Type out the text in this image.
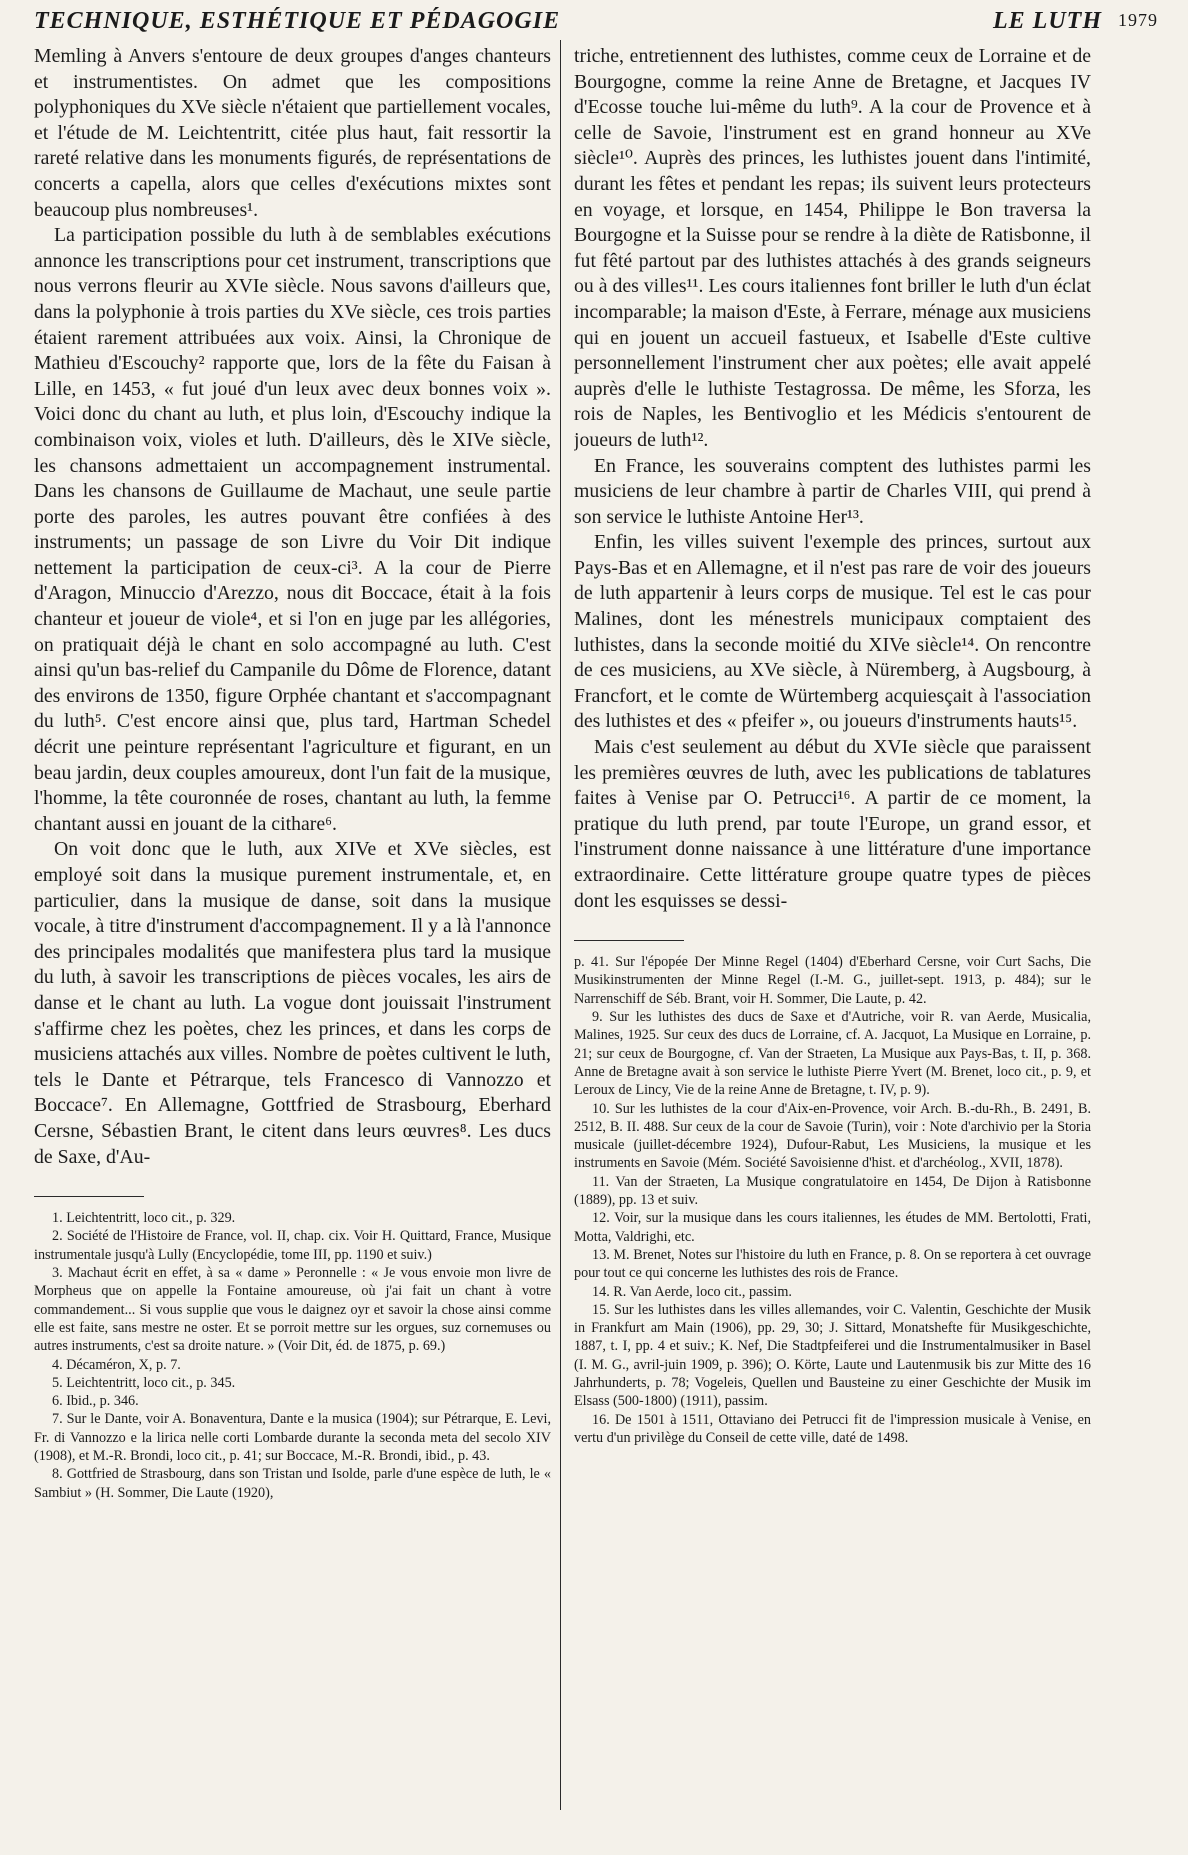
TECHNIQUE, ESTHÉTIQUE ET PÉDAGOGIE	LE LUTH 1979

Memling à Anvers s'entoure de deux groupes d'anges chanteurs et instrumentistes. On admet que les compositions polyphoniques du XVe siècle n'étaient que partiellement vocales, et l'étude de M. Leichtentritt, citée plus haut, fait ressortir la rareté relative dans les monuments figurés, de représentations de concerts a capella, alors que celles d'exécutions mixtes sont beaucoup plus nombreuses¹.

La participation possible du luth à de semblables exécutions annonce les transcriptions pour cet instrument, transcriptions que nous verrons fleurir au XVIe siècle. Nous savons d'ailleurs que, dans la polyphonie à trois parties du XVe siècle, ces trois parties étaient rarement attribuées aux voix. Ainsi, la Chronique de Mathieu d'Escouchy² rapporte que, lors de la fête du Faisan à Lille, en 1453, « fut joué d'un leux avec deux bonnes voix ». Voici donc du chant au luth, et plus loin, d'Escouchy indique la combinaison voix, violes et luth. D'ailleurs, dès le XIVe siècle, les chansons admettaient un accompagnement instrumental. Dans les chansons de Guillaume de Machaut, une seule partie porte des paroles, les autres pouvant être confiées à des instruments; un passage de son Livre du Voir Dit indique nettement la participation de ceux-ci³. A la cour de Pierre d'Aragon, Minuccio d'Arezzo, nous dit Boccace, était à la fois chanteur et joueur de viole⁴, et si l'on en juge par les allégories, on pratiquait déjà le chant en solo accompagné au luth. C'est ainsi qu'un bas-relief du Campanile du Dôme de Florence, datant des environs de 1350, figure Orphée chantant et s'accompagnant du luth⁵. C'est encore ainsi que, plus tard, Hartman Schedel décrit une peinture représentant l'agriculture et figurant, en un beau jardin, deux couples amoureux, dont l'un fait de la musique, l'homme, la tête couronnée de roses, chantant au luth, la femme chantant aussi en jouant de la cithare⁶.

On voit donc que le luth, aux XIVe et XVe siècles, est employé soit dans la musique purement instrumentale, et, en particulier, dans la musique de danse, soit dans la musique vocale, à titre d'instrument d'accompagnement. Il y a là l'annonce des principales modalités que manifestera plus tard la musique du luth, à savoir les transcriptions de pièces vocales, les airs de danse et le chant au luth. La vogue dont jouissait l'instrument s'affirme chez les poètes, chez les princes, et dans les corps de musiciens attachés aux villes. Nombre de poètes cultivent le luth, tels le Dante et Pétrarque, tels Francesco di Vannozzo et Boccace⁷. En Allemagne, Gottfried de Strasbourg, Eberhard Cersne, Sébastien Brant, le citent dans leurs œuvres⁸. Les ducs de Saxe, d'Au-

1. Leichtentritt, loco cit., p. 329.

2. Société de l'Histoire de France, vol. II, chap. cix. Voir H. Quittard, France, Musique instrumentale jusqu'à Lully (Encyclopédie, tome III, pp. 1190 et suiv.)

3. Machaut écrit en effet, à sa « dame » Peronnelle : « Je vous envoie mon livre de Morpheus que on appelle la Fontaine amoureuse, où j'ai fait un chant à votre commandement... Si vous supplie que vous le daignez oyr et savoir la chose ainsi comme elle est faite, sans mestre ne oster. Et se porroit mettre sur les orgues, suz cornemuses ou autres instruments, c'est sa droite nature. » (Voir Dit, éd. de 1875, p. 69.)

4. Décaméron, X, p. 7.

5. Leichtentritt, loco cit., p. 345.

6. Ibid., p. 346.

7. Sur le Dante, voir A. Bonaventura, Dante e la musica (1904); sur Pétrarque, E. Levi, Fr. di Vannozzo e la lirica nelle corti Lombarde durante la seconda meta del secolo XIV (1908), et M.-R. Brondi, loco cit., p. 41; sur Boccace, M.-R. Brondi, ibid., p. 43.

8. Gottfried de Strasbourg, dans son Tristan und Isolde, parle d'une espèce de luth, le « Sambiut » (H. Sommer, Die Laute (1920),

triche, entretiennent des luthistes, comme ceux de Lorraine et de Bourgogne, comme la reine Anne de Bretagne, et Jacques IV d'Ecosse touche lui-même du luth⁹. A la cour de Provence et à celle de Savoie, l'instrument est en grand honneur au XVe siècle¹⁰. Auprès des princes, les luthistes jouent dans l'intimité, durant les fêtes et pendant les repas; ils suivent leurs protecteurs en voyage, et lorsque, en 1454, Philippe le Bon traversa la Bourgogne et la Suisse pour se rendre à la diète de Ratisbonne, il fut fêté partout par des luthistes attachés à des grands seigneurs ou à des villes¹¹. Les cours italiennes font briller le luth d'un éclat incomparable; la maison d'Este, à Ferrare, ménage aux musiciens qui en jouent un accueil fastueux, et Isabelle d'Este cultive personnellement l'instrument cher aux poètes; elle avait appelé auprès d'elle le luthiste Testagrossa. De même, les Sforza, les rois de Naples, les Bentivoglio et les Médicis s'entourent de joueurs de luth¹².

En France, les souverains comptent des luthistes parmi les musiciens de leur chambre à partir de Charles VIII, qui prend à son service le luthiste Antoine Her¹³.

Enfin, les villes suivent l'exemple des princes, surtout aux Pays-Bas et en Allemagne, et il n'est pas rare de voir des joueurs de luth appartenir à leurs corps de musique. Tel est le cas pour Malines, dont les ménestrels municipaux comptaient des luthistes, dans la seconde moitié du XIVe siècle¹⁴. On rencontre de ces musiciens, au XVe siècle, à Nüremberg, à Augsbourg, à Francfort, et le comte de Würtemberg acquiesçait à l'association des luthistes et des « pfeifer », ou joueurs d'instruments hauts¹⁵.

Mais c'est seulement au début du XVIe siècle que paraissent les premières œuvres de luth, avec les publications de tablatures faites à Venise par O. Petrucci¹⁶. A partir de ce moment, la pratique du luth prend, par toute l'Europe, un grand essor, et l'instrument donne naissance à une littérature d'une importance extraordinaire. Cette littérature groupe quatre types de pièces dont les esquisses se dessi-

p. 41. Sur l'épopée Der Minne Regel (1404) d'Eberhard Cersne, voir Curt Sachs, Die Musikinstrumenten der Minne Regel (I.-M. G., juillet-sept. 1913, p. 484); sur le Narrenschiff de Séb. Brant, voir H. Sommer, Die Laute, p. 42.

9. Sur les luthistes des ducs de Saxe et d'Autriche, voir R. van Aerde, Musicalia, Malines, 1925. Sur ceux des ducs de Lorraine, cf. A. Jacquot, La Musique en Lorraine, p. 21; sur ceux de Bourgogne, cf. Van der Straeten, La Musique aux Pays-Bas, t. II, p. 368. Anne de Bretagne avait à son service le luthiste Pierre Yvert (M. Brenet, loco cit., p. 9, et Leroux de Lincy, Vie de la reine Anne de Bretagne, t. IV, p. 9).

10. Sur les luthistes de la cour d'Aix-en-Provence, voir Arch. B.-du-Rh., B. 2491, B. 2512, B. II. 488. Sur ceux de la cour de Savoie (Turin), voir : Note d'archivio per la Storia musicale (juillet-décembre 1924), Dufour-Rabut, Les Musiciens, la musique et les instruments en Savoie (Mém. Société Savoisienne d'hist. et d'archéolog., XVII, 1878).

11. Van der Straeten, La Musique congratulatoire en 1454, De Dijon à Ratisbonne (1889), pp. 13 et suiv.

12. Voir, sur la musique dans les cours italiennes, les études de MM. Bertolotti, Frati, Motta, Valdrighi, etc.

13. M. Brenet, Notes sur l'histoire du luth en France, p. 8. On se reportera à cet ouvrage pour tout ce qui concerne les luthistes des rois de France.

14. R. Van Aerde, loco cit., passim.

15. Sur les luthistes dans les villes allemandes, voir C. Valentin, Geschichte der Musik in Frankfurt am Main (1906), pp. 29, 30; J. Sittard, Monatshefte für Musikgeschichte, 1887, t. I, pp. 4 et suiv.; K. Nef, Die Stadtpfeiferei und die Instrumentalmusiker in Basel (I. M. G., avril-juin 1909, p. 396); O. Körte, Laute und Lautenmusik bis zur Mitte des 16 Jahrhunderts, p. 78; Vogeleis, Quellen und Bausteine zu einer Geschichte der Musik im Elsass (500-1800) (1911), passim.

16. De 1501 à 1511, Ottaviano dei Petrucci fit de l'impression musicale à Venise, en vertu d'un privilège du Conseil de cette ville, daté de 1498.
